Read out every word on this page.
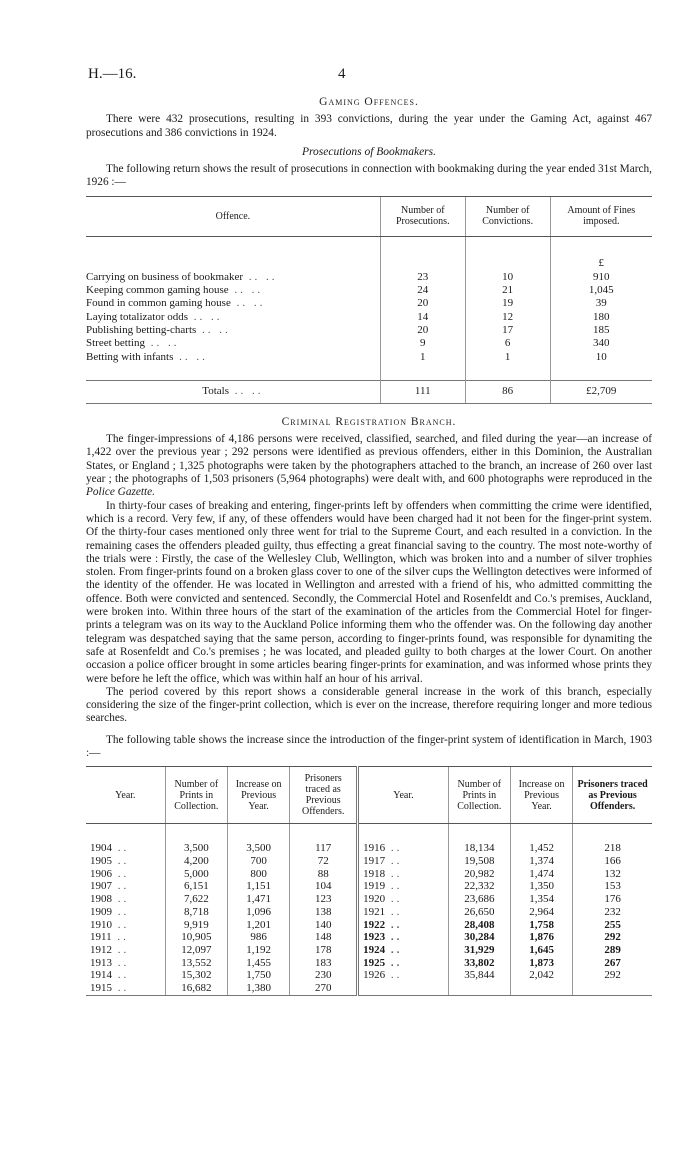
H.—16.	4
Gaming Offences.

There were 432 prosecutions, resulting in 393 convictions, during the year under the Gaming Act, against 467 prosecutions and 386 convictions in 1924.

Prosecutions of Bookmakers.

The following return shows the result of prosecutions in connection with bookmaking during the year ended 31st March, 1926 :—

Offence.	Number of Prosecutions.	Number of Convictions.	Amount of Fines imposed.

			£
Carrying on business of bookmaker .. ..	23	10	910
Keeping common gaming house .. ..	24	21	1,045
Found in common gaming house .. ..	20	19	39
Laying totalizator odds .. ..	14	12	180
Publishing betting-charts .. ..	20	17	185
Street betting .. ..	9	6	340
Betting with infants .. ..	1	1	10

Totals .. ..	111	86	£2,709
Criminal Registration Branch.

The finger-impressions of 4,186 persons were received, classified, searched, and filed during the year—an increase of 1,422 over the previous year ; 292 persons were identified as previous offenders, either in this Dominion, the Australian States, or England ; 1,325 photographs were taken by the photographers attached to the branch, an increase of 260 over last year ; the photographs of 1,503 prisoners (5,964 photographs) were dealt with, and 600 photographs were reproduced in the Police Gazette.

In thirty-four cases of breaking and entering, finger-prints left by offenders when committing the crime were identified, which is a record. Very few, if any, of these offenders would have been charged had it not been for the finger-print system. Of the thirty-four cases mentioned only three went for trial to the Supreme Court, and each resulted in a conviction. In the remaining cases the offenders pleaded guilty, thus effecting a great financial saving to the country. The most note-worthy of the trials were : Firstly, the case of the Wellesley Club, Wellington, which was broken into and a number of silver trophies stolen. From finger-prints found on a broken glass cover to one of the silver cups the Wellington detectives were informed of the identity of the offender. He was located in Wellington and arrested with a friend of his, who admitted committing the offence. Both were convicted and sentenced. Secondly, the Commercial Hotel and Rosenfeldt and Co.'s premises, Auckland, were broken into. Within three hours of the start of the examination of the articles from the Commercial Hotel for finger-prints a telegram was on its way to the Auckland Police informing them who the offender was. On the following day another telegram was despatched saying that the same person, according to finger-prints found, was responsible for dynamiting the safe at Rosenfeldt and Co.'s premises ; he was located, and pleaded guilty to both charges at the lower Court. On another occasion a police officer brought in some articles bearing finger-prints for examination, and was informed whose prints they were before he left the office, which was within half an hour of his arrival.

The period covered by this report shows a considerable general increase in the work of this branch, especially considering the size of the finger-print collection, which is ever on the increase, therefore requiring longer and more tedious searches.

The following table shows the increase since the introduction of the finger-print system of identification in March, 1903 :—

Year.	Number of Prints in Collection.	Increase on Previous Year.	Prisoners traced as Previous Offenders.	Year.	Number of Prints in Collection.	Increase on Previous Year.	Prisoners traced as Previous Offenders.

1904 ..	3,500	3,500	117	1916 ..	18,134	1,452	218
1905 ..	4,200	700	72	1917 ..	19,508	1,374	166
1906 ..	5,000	800	88	1918 ..	20,982	1,474	132
1907 ..	6,151	1,151	104	1919 ..	22,332	1,350	153
1908 ..	7,622	1,471	123	1920 ..	23,686	1,354	176
1909 ..	8,718	1,096	138	1921 ..	26,650	2,964	232
1910 ..	9,919	1,201	140	1922 ..	28,408	1,758	255
1911 ..	10,905	986	148	1923 ..	30,284	1,876	292
1912 ..	12,097	1,192	178	1924 ..	31,929	1,645	289
1913 ..	13,552	1,455	183	1925 ..	33,802	1,873	267
1914 ..	15,302	1,750	230	1926 ..	35,844	2,042	292
1915 ..	16,682	1,380	270				
